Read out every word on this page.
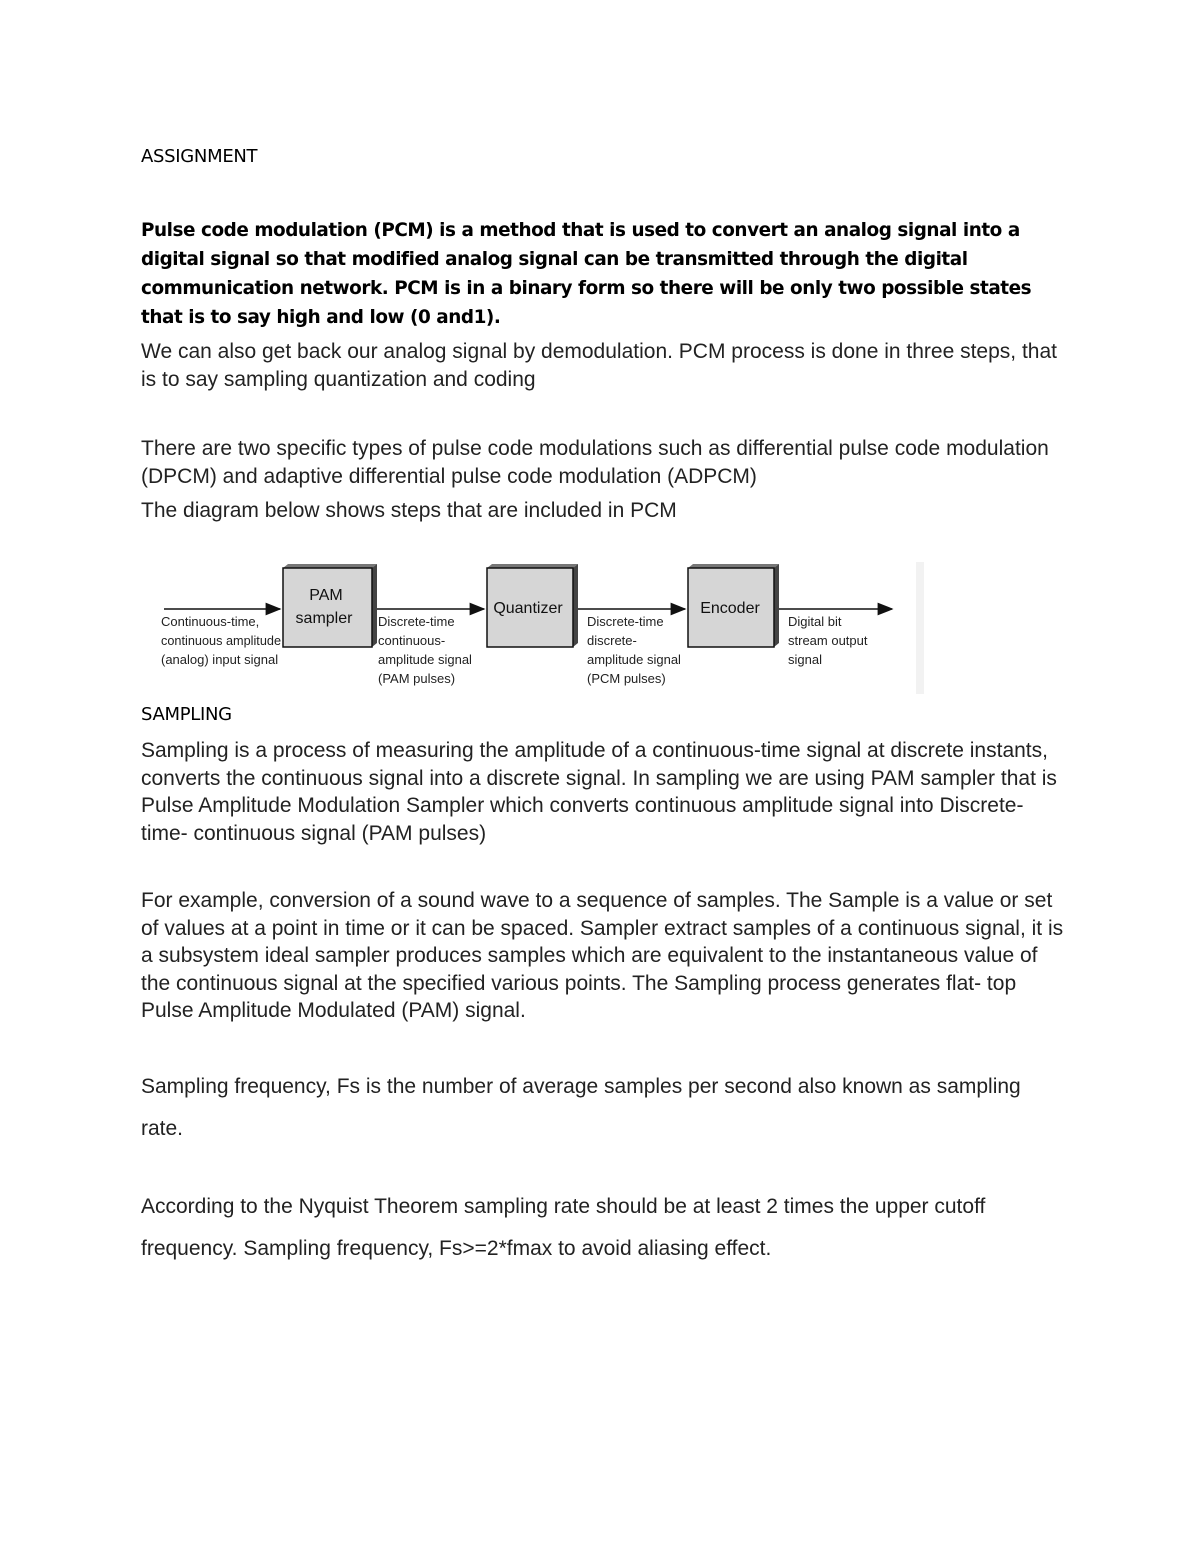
ASSIGNMENT

Pulse code modulation (PCM) is a method that is used to convert an analog signal into a digital signal so that modified analog signal can be transmitted through the digital communication network. PCM is in a binary form so there will be only two possible states that is to say high and low (0 and1).

We can also get back our analog signal by demodulation. PCM process is done in three steps, that is to say sampling quantization and coding

There are two specific types of pulse code modulations such as differential pulse code modulation (DPCM) and adaptive differential pulse code modulation (ADPCM)

The diagram below shows steps that are included in PCM

PAM
sampler
Quantizer	Encoder
Continuous-time,
continuous amplitude
(analog) input signal
Discrete-time
continuous-
amplitude signal
(PAM pulses)
Discrete-time
discrete-
amplitude signal
(PCM pulses)
Digital bit
stream output
signal
SAMPLING

Sampling is a process of measuring the amplitude of a continuous-time signal at discrete instants, converts the continuous signal into a discrete signal. In sampling we are using PAM sampler that is Pulse Amplitude Modulation Sampler which converts continuous amplitude signal into Discrete-time- continuous signal (PAM pulses)

For example, conversion of a sound wave to a sequence of samples. The Sample is a value or set of values at a point in time or it can be spaced. Sampler extract samples of a continuous signal, it is a subsystem ideal sampler produces samples which are equivalent to the instantaneous value of the continuous signal at the specified various points. The Sampling process generates flat- top Pulse Amplitude Modulated (PAM) signal.

Sampling frequency, Fs is the number of average samples per second also known as sampling rate.

According to the Nyquist Theorem sampling rate should be at least 2 times the upper cutoff frequency. Sampling frequency, Fs>=2*fmax to avoid aliasing effect.
